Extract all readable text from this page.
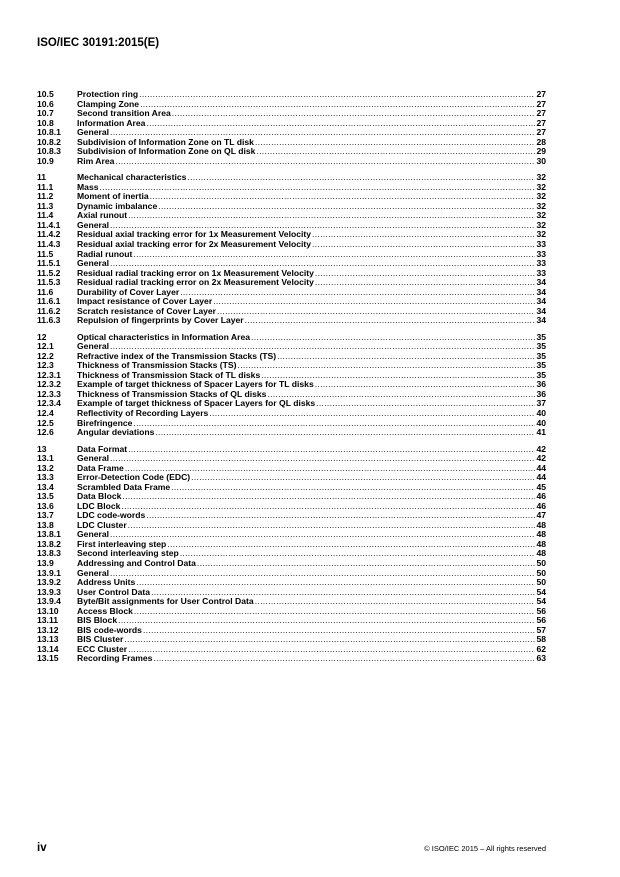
ISO/IEC 30191:2015(E)
10.5	Protection ring .....	27
10.6	Clamping Zone .....	27
10.7	Second transition Area .....	27
10.8	Information Area .....	27
10.8.1	General .....	27
10.8.2	Subdivision of Information Zone on TL disk .....	28
10.8.3	Subdivision of Information Zone on QL disk .....	29
10.9	Rim Area .....	30
11	Mechanical characteristics .....	32
11.1	Mass .....	32
11.2	Moment of inertia .....	32
11.3	Dynamic imbalance .....	32
11.4	Axial runout .....	32
11.4.1	General .....	32
11.4.2	Residual axial tracking error for 1x Measurement Velocity .....	32
11.4.3	Residual axial tracking error for 2x Measurement Velocity .....	33
11.5	Radial runout .....	33
11.5.1	General .....	33
11.5.2	Residual radial tracking error on 1x Measurement Velocity .....	33
11.5.3	Residual radial tracking error on 2x Measurement Velocity .....	34
11.6	Durability of Cover Layer .....	34
11.6.1	Impact resistance of Cover Layer .....	34
11.6.2	Scratch resistance of Cover Layer .....	34
11.6.3	Repulsion of fingerprints by Cover Layer .....	34
12	Optical characteristics in Information Area .....	35
12.1	General .....	35
12.2	Refractive index of the Transmission Stacks (TS) .....	35
12.3	Thickness of Transmission Stacks (TS) .....	35
12.3.1	Thickness of Transmission Stack of TL disks .....	35
12.3.2	Example of target thickness of Spacer Layers for TL disks .....	36
12.3.3	Thickness of Transmission Stacks of QL disks .....	36
12.3.4	Example of target thickness of Spacer Layers for QL disks .....	37
12.4	Reflectivity of Recording Layers .....	40
12.5	Birefringence .....	40
12.6	Angular deviations .....	41
13	Data Format .....	42
13.1	General .....	42
13.2	Data Frame .....	44
13.3	Error-Detection Code (EDC) .....	44
13.4	Scrambled Data Frame .....	45
13.5	Data Block .....	46
13.6	LDC Block .....	46
13.7	LDC code-words .....	47
13.8	LDC Cluster .....	48
13.8.1	General .....	48
13.8.2	First interleaving step .....	48
13.8.3	Second interleaving step .....	48
13.9	Addressing and Control Data .....	50
13.9.1	General .....	50
13.9.2	Address Units .....	50
13.9.3	User Control Data .....	54
13.9.4	Byte/Bit assignments for User Control Data .....	54
13.10	Access Block .....	56
13.11	BIS Block .....	56
13.12	BIS code-words .....	57
13.13	BIS Cluster .....	58
13.14	ECC Cluster .....	62
13.15	Recording Frames .....	63
iv	© ISO/IEC 2015 – All rights reserved
